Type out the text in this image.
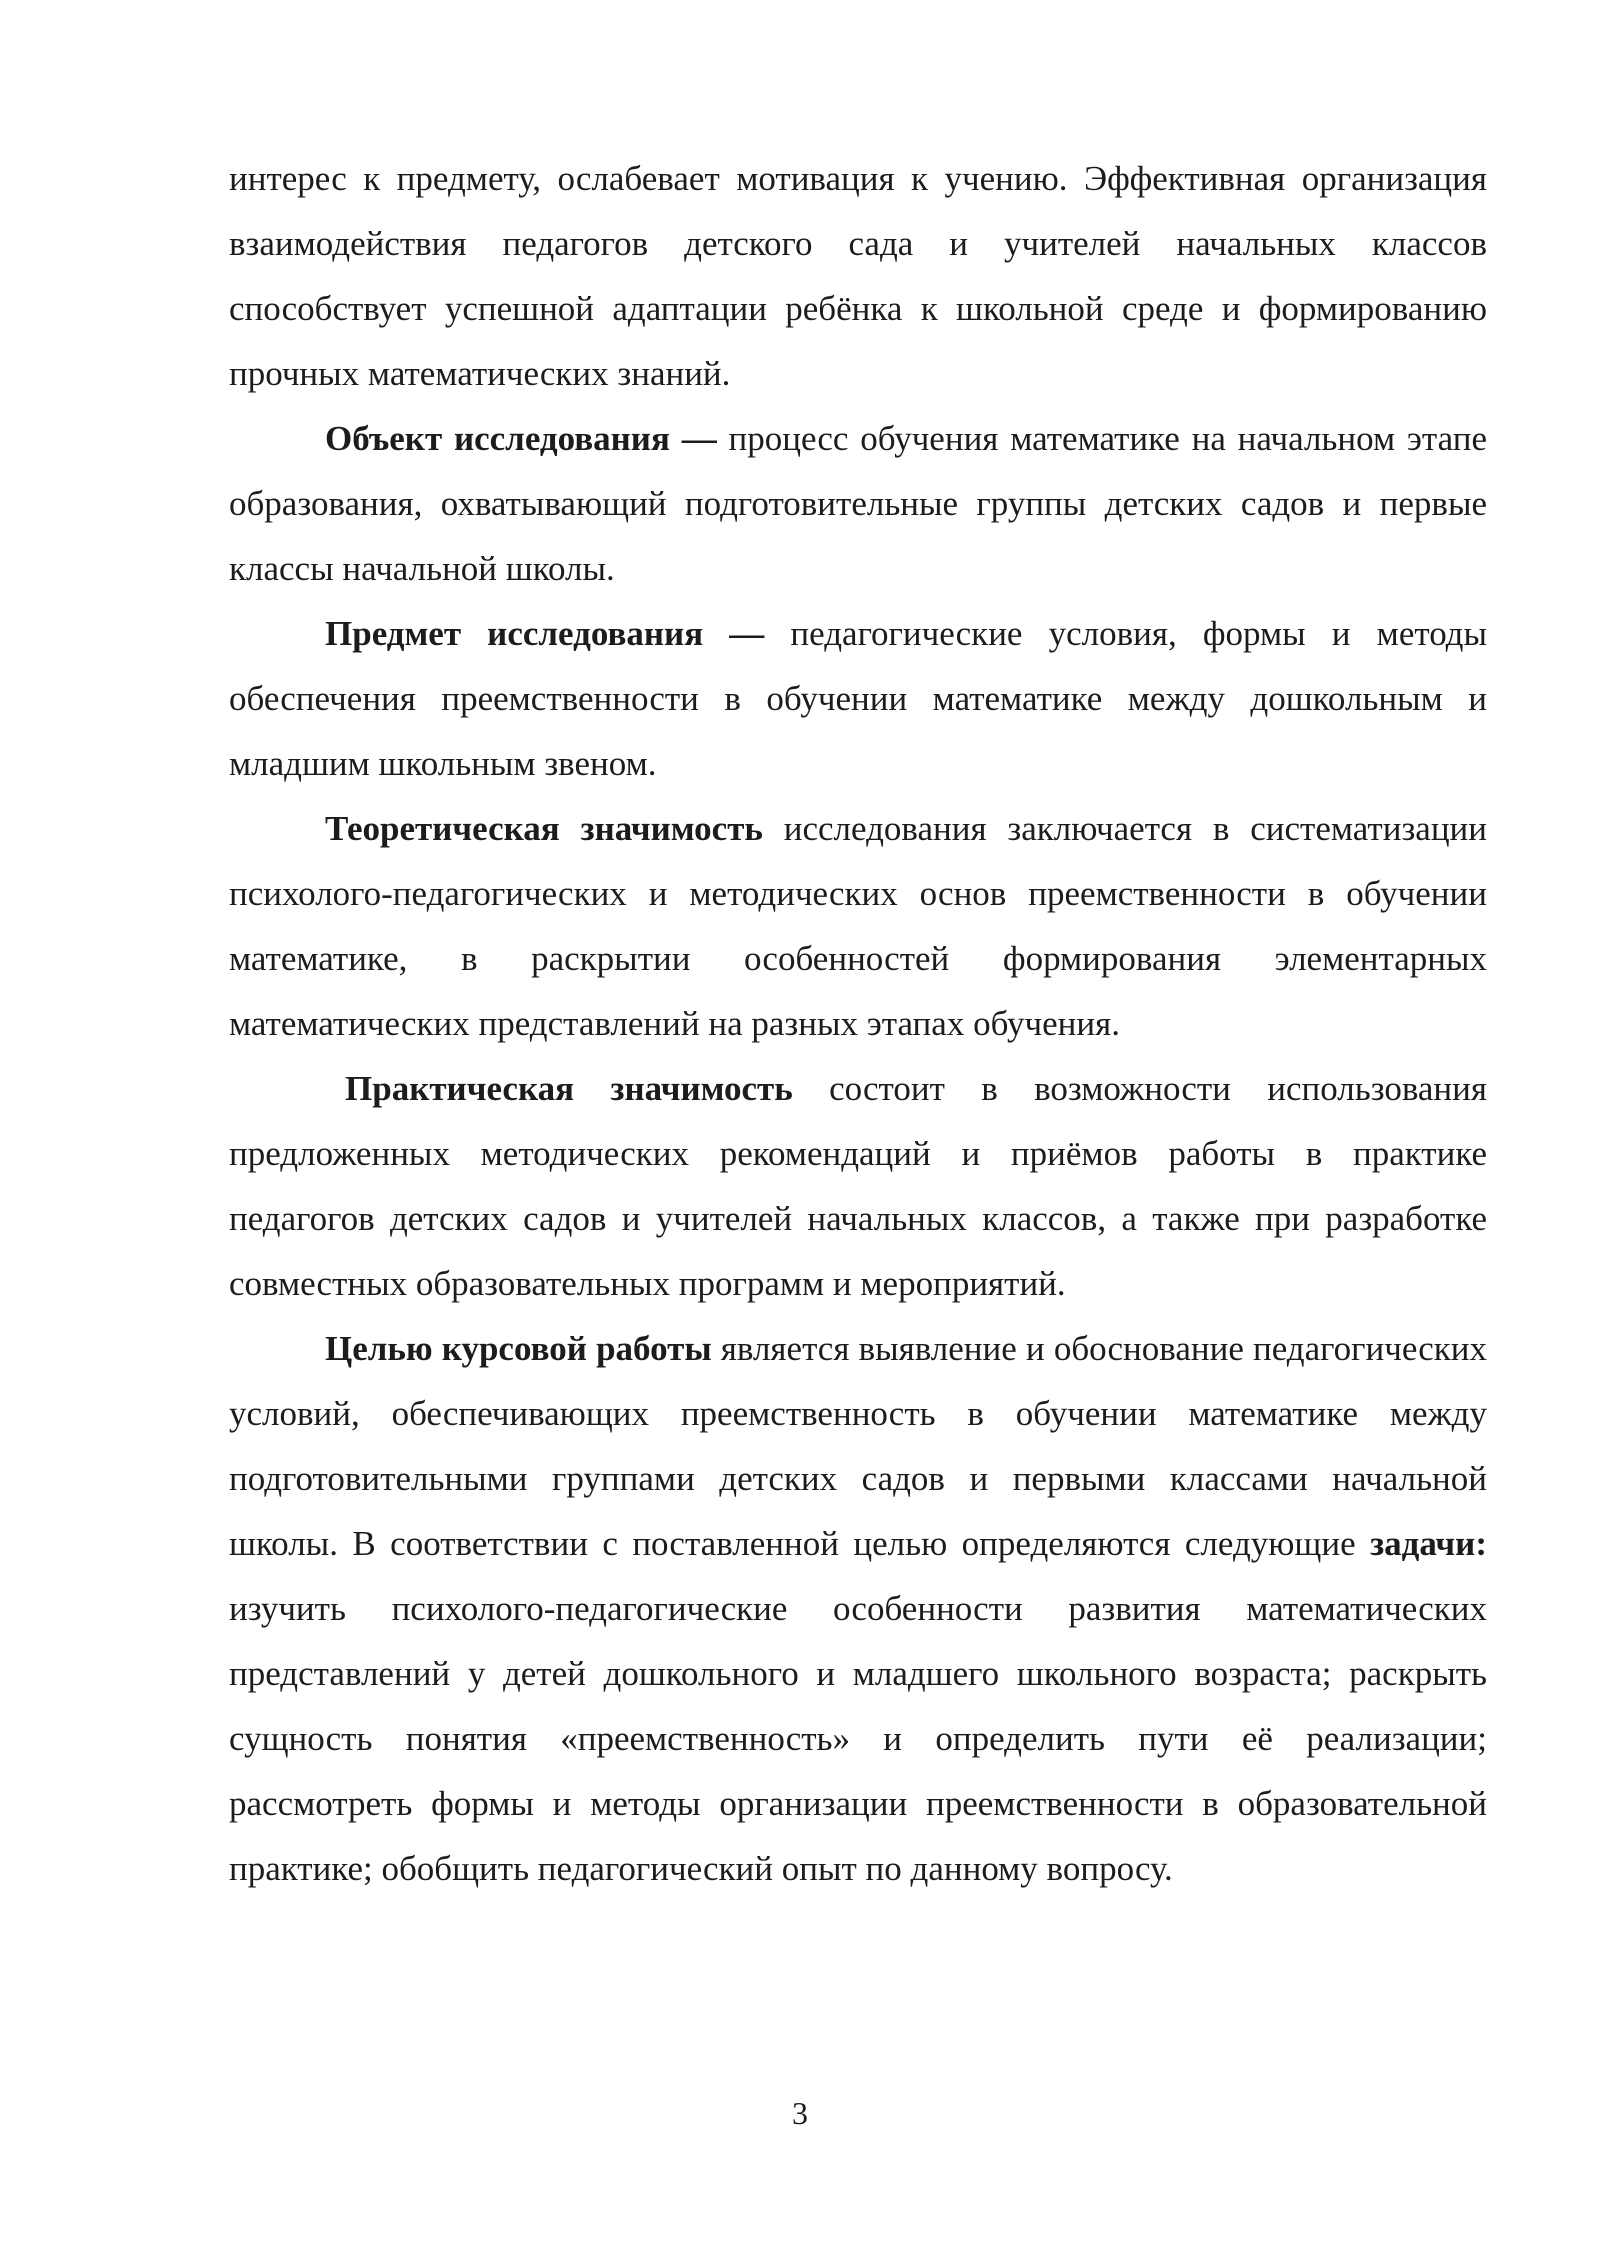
интерес к предмету, ослабевает мотивация к учению. Эффективная организация взаимодействия педагогов детского сада и учителей начальных классов способствует успешной адаптации ребёнка к школьной среде и формированию прочных математических знаний.

Объект исследования — процесс обучения математике на начальном этапе образования, охватывающий подготовительные группы детских садов и первые классы начальной школы.

Предмет исследования — педагогические условия, формы и методы обеспечения преемственности в обучении математике между дошкольным и младшим школьным звеном.

Теоретическая значимость исследования заключается в систематизации психолого-педагогических и методических основ преемственности в обучении математике, в раскрытии особенностей формирования элементарных математических представлений на разных этапах обучения.

Практическая значимость состоит в возможности использования предложенных методических рекомендаций и приёмов работы в практике педагогов детских садов и учителей начальных классов, а также при разработке совместных образовательных программ и мероприятий.

Целью курсовой работы является выявление и обоснование педагогических условий, обеспечивающих преемственность в обучении математике между подготовительными группами детских садов и первыми классами начальной школы. В соответствии с поставленной целью определяются следующие задачи: изучить психолого-педагогические особенности развития математических представлений у детей дошкольного и младшего школьного возраста; раскрыть сущность понятия «преемственность» и определить пути её реализации; рассмотреть формы и методы организации преемственности в образовательной практике; обобщить педагогический опыт по данному вопросу.

3
